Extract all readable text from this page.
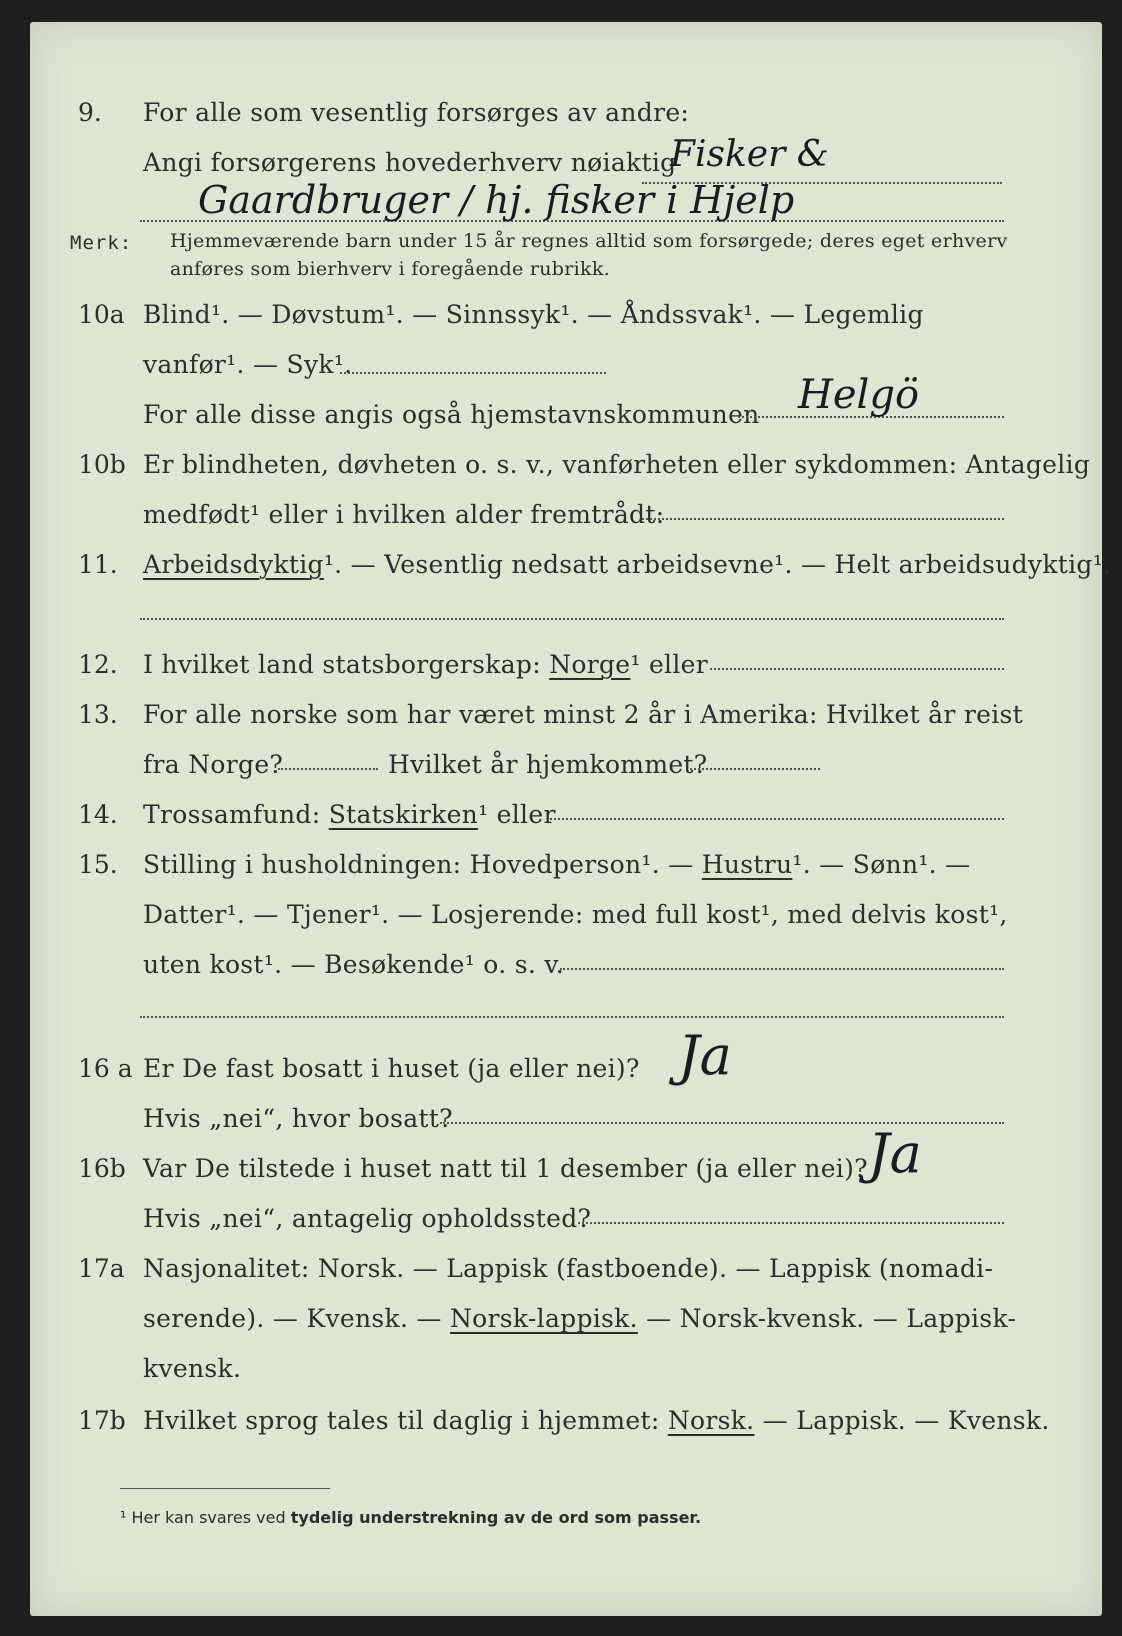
9. For alle som vesentlig forsørges av andre:
Angi forsørgerens hovederhverv nøiaktig
Fisker &
Gaardbruger / hj. fisker i Hjelp
Merk: Hjemmeværende barn under 15 år regnes alltid som forsørgede; deres eget erhverv
anføres som bierhverv i foregående rubrikk.
10a Blind¹. — Døvstum¹. — Sinnssyk¹. — Åndssvak¹. — Legemlig
vanfør¹. — Syk¹.
For alle disse angis også hjemstavnskommunen Helgö
10b Er blindheten, døvheten o. s. v., vanførheten eller sykdommen: Antagelig
medfødt¹ eller i hvilken alder fremtrådt:
11. Arbeidsdyktig¹. — Vesentlig nedsatt arbeidsevne¹. — Helt arbeidsudyktig¹.
12. I hvilket land statsborgerskap: Norge¹ eller
13. For alle norske som har været minst 2 år i Amerika: Hvilket år reist
fra Norge?	Hvilket år hjemkommet?
14. Trossamfund: Statskirken¹ eller
15. Stilling i husholdningen: Hovedperson¹. — Hustru¹. — Sønn¹. —
Datter¹. — Tjener¹. — Losjerende: med full kost¹, med delvis kost¹,
uten kost¹. — Besøkende¹ o. s. v.
16 a Er De fast bosatt i huset (ja eller nei)? Ja
Hvis „nei“, hvor bosatt?
16b Var De tilstede i huset natt til 1 desember (ja eller nei)? Ja
Hvis „nei“, antagelig opholdssted?
17a Nasjonalitet: Norsk. — Lappisk (fastboende). — Lappisk (nomadi-
serende). — Kvensk. — Norsk-lappisk. — Norsk-kvensk. — Lappisk-
kvensk.
17b Hvilket sprog tales til daglig i hjemmet: Norsk. — Lappisk. — Kvensk.
¹ Her kan svares ved tydelig understrekning av de ord som passer.
